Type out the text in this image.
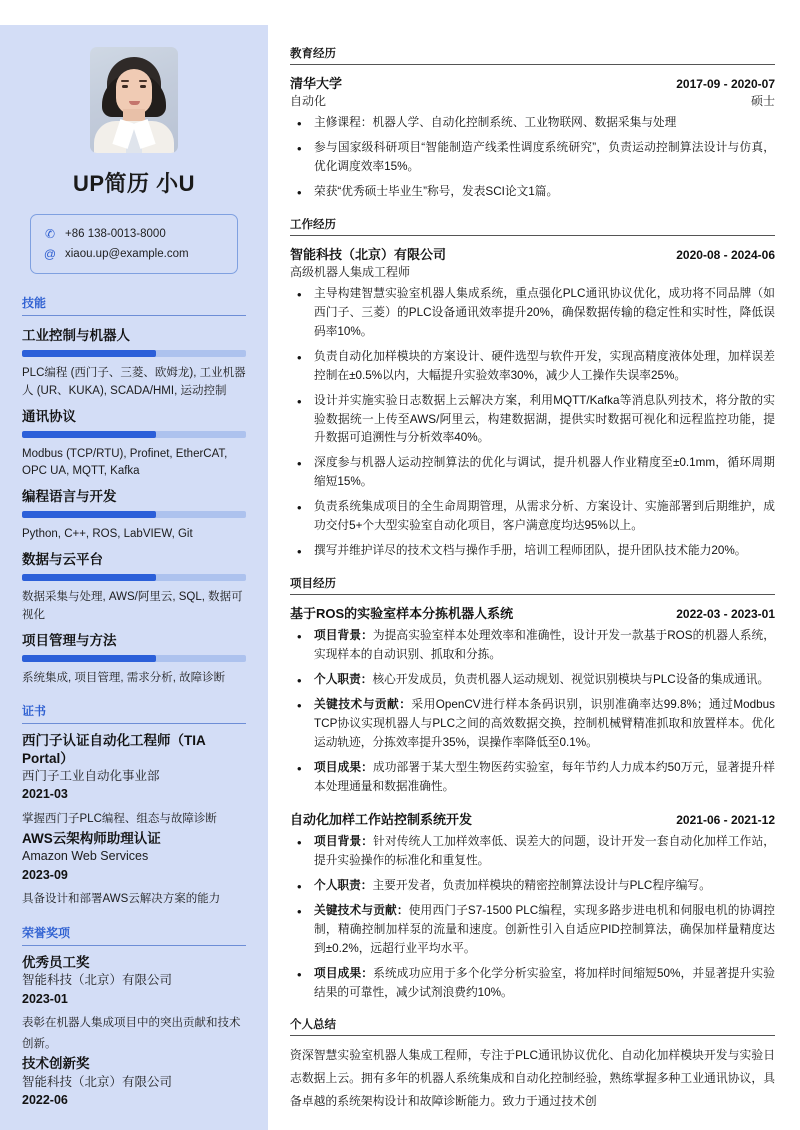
UP简历 小U
✆ +86 138-0013-8000
@ xiaou.up@example.com
技能
工业控制与机器人
PLC编程 (西门子、三菱、欧姆龙), 工业机器人 (UR、KUKA), SCADA/HMI, 运动控制
通讯协议
Modbus (TCP/RTU), Profinet, EtherCAT, OPC UA, MQTT, Kafka
编程语言与开发
Python, C++, ROS, LabVIEW, Git
数据与云平台
数据采集与处理, AWS/阿里云, SQL, 数据可视化
项目管理与方法
系统集成, 项目管理, 需求分析, 故障诊断
证书
西门子认证自动化工程师（TIA Portal）
西门子工业自动化事业部
2021-03
掌握西门子PLC编程、组态与故障诊断
AWS云架构师助理认证
Amazon Web Services
2023-09
具备设计和部署AWS云解决方案的能力
荣誉奖项
优秀员工奖
智能科技（北京）有限公司
2023-01
表彰在机器人集成项目中的突出贡献和技术创新。
技术创新奖
智能科技（北京）有限公司
2022-06
教育经历
清华大学	2017-09 - 2020-07
自动化	硕士
• 主修课程：机器人学、自动化控制系统、工业物联网、数据采集与处理
• 参与国家级科研项目“智能制造产线柔性调度系统研究”，负责运动控制算法设计与仿真，优化调度效率15%。
• 荣获“优秀硕士毕业生”称号，发表SCI论文1篇。
工作经历
智能科技（北京）有限公司	2020-08 - 2024-06
高级机器人集成工程师
• 主导构建智慧实验室机器人集成系统，重点强化PLC通讯协议优化，成功将不同品牌（如西门子、三菱）的PLC设备通讯效率提升20%，确保数据传输的稳定性和实时性，降低误码率10%。
• 负责自动化加样模块的方案设计、硬件选型与软件开发，实现高精度液体处理，加样误差控制在±0.5%以内，大幅提升实验效率30%，减少人工操作失误率25%。
• 设计并实施实验日志数据上云解决方案，利用MQTT/Kafka等消息队列技术，将分散的实验数据统一上传至AWS/阿里云，构建数据湖，提供实时数据可视化和远程监控功能，提升数据可追溯性与分析效率40%。
• 深度参与机器人运动控制算法的优化与调试，提升机器人作业精度至±0.1mm，循环周期缩短15%。
• 负责系统集成项目的全生命周期管理，从需求分析、方案设计、实施部署到后期维护，成功交付5+个大型实验室自动化项目，客户满意度均达95%以上。
• 撰写并维护详尽的技术文档与操作手册，培训工程师团队，提升团队技术能力20%。
项目经历
基于ROS的实验室样本分拣机器人系统	2022-03 - 2023-01
• 项目背景：为提高实验室样本处理效率和准确性，设计开发一款基于ROS的机器人系统，实现样本的自动识别、抓取和分拣。
• 个人职责：核心开发成员，负责机器人运动规划、视觉识别模块与PLC设备的集成通讯。
• 关键技术与贡献：采用OpenCV进行样本条码识别，识别准确率达99.8%；通过Modbus TCP协议实现机器人与PLC之间的高效数据交换，控制机械臂精准抓取和放置样本。优化运动轨迹，分拣效率提升35%，误操作率降低至0.1%。
• 项目成果：成功部署于某大型生物医药实验室，每年节约人力成本约50万元，显著提升样本处理通量和数据准确性。
自动化加样工作站控制系统开发	2021-06 - 2021-12
• 项目背景：针对传统人工加样效率低、误差大的问题，设计开发一套自动化加样工作站，提升实验操作的标准化和重复性。
• 个人职责：主要开发者，负责加样模块的精密控制算法设计与PLC程序编写。
• 关键技术与贡献：使用西门子S7-1500 PLC编程，实现多路步进电机和伺服电机的协调控制，精确控制加样泵的流量和速度。创新性引入自适应PID控制算法，确保加样量精度达到±0.2%，远超行业平均水平。
• 项目成果：系统成功应用于多个化学分析实验室，将加样时间缩短50%，并显著提升实验结果的可靠性，减少试剂浪费约10%。
个人总结
资深智慧实验室机器人集成工程师，专注于PLC通讯协议优化、自动化加样模块开发与实验日志数据上云。拥有多年的机器人系统集成和自动化控制经验，熟练掌握多种工业通讯协议，具备卓越的系统架构设计和故障诊断能力。致力于通过技术创
